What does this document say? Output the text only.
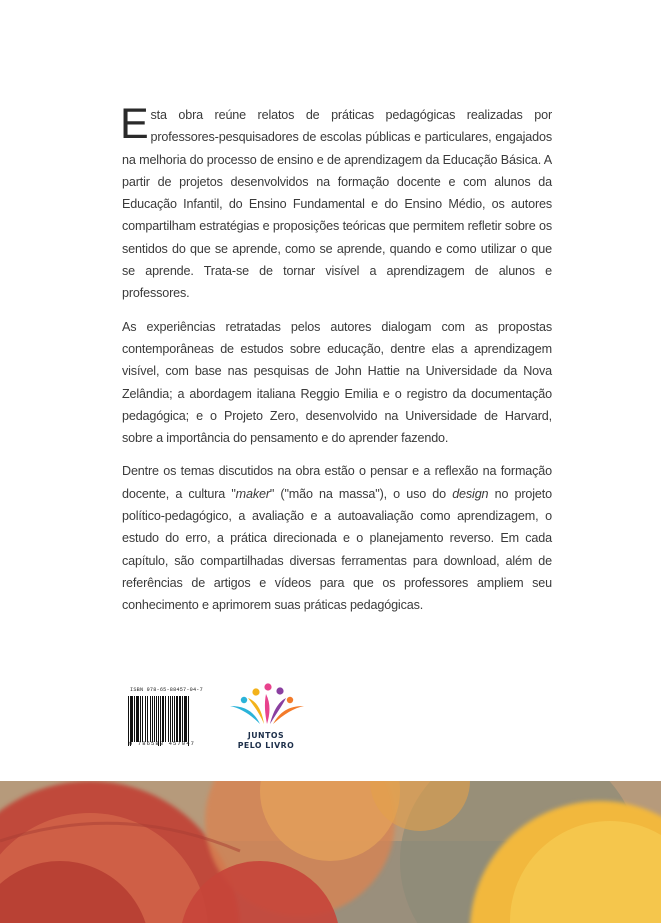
Esta obra reúne relatos de práticas pedagógicas realizadas por professores-pesquisadores de escolas públicas e particulares, engajados na melhoria do processo de ensino e de aprendizagem da Educação Básica. A partir de projetos desenvolvidos na formação docente e com alunos da Educação Infantil, do Ensino Fundamental e do Ensino Médio, os autores compartilham estratégias e proposições teóricas que permitem refletir sobre os sentidos do que se aprende, como se aprende, quando e como utilizar o que se aprende. Trata-se de tornar visível a aprendizagem de alunos e professores.

As experiências retratadas pelos autores dialogam com as propostas contemporâneas de estudos sobre educação, dentre elas a aprendizagem visível, com base nas pesquisas de John Hattie na Universidade da Nova Zelândia; a abordagem italiana Reggio Emilia e o registro da documentação pedagógica; e o Projeto Zero, desenvolvido na Universidade de Harvard, sobre a importância do pensamento e do aprender fazendo.

Dentre os temas discutidos na obra estão o pensar e a reflexão na formação docente, a cultura "maker" ("mão na massa"), o uso do design no projeto político-pedagógico, a avaliação e a autoavaliação como aprendizagem, o estudo do erro, a prática direcionada e o planejamento reverso. Em cada capítulo, são compartilhadas diversas ferramentas para download, além de referências de artigos e vídeos para que os professores ampliem seu conhecimento e aprimorem suas práticas pedagógicas.

ISBN 978-65-88457-04-7
9 786588 457047
JUNTOS
PELO LIVRO
